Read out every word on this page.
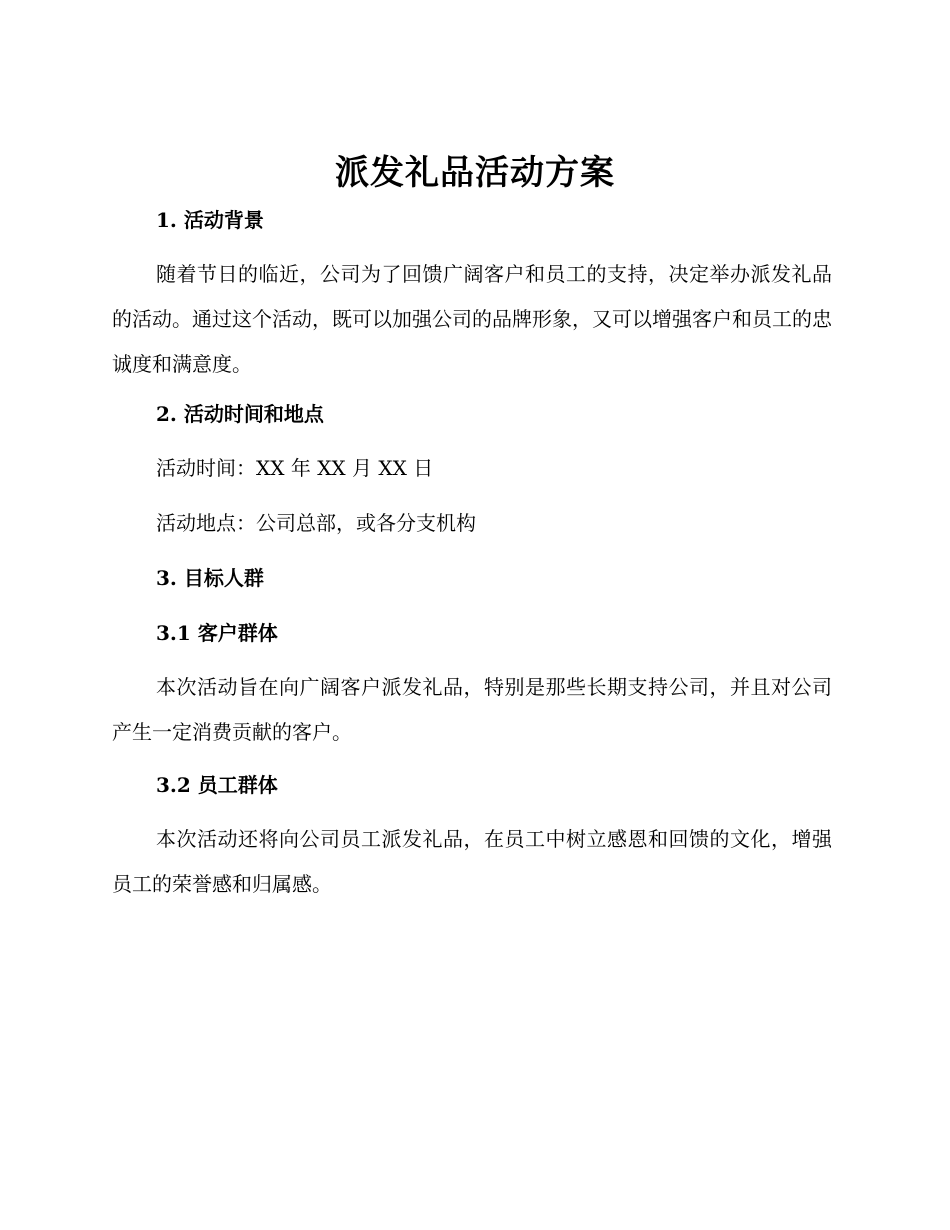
派发礼品活动方案
1. 活动背景

随着节日的临近，公司为了回馈广阔客户和员工的支持，决定举办派发礼品的活动。通过这个活动，既可以加强公司的品牌形象，又可以增强客户和员工的忠诚度和满意度。

2. 活动时间和地点

活动时间：XX 年 XX 月 XX 日

活动地点：公司总部，或各分支机构

3. 目标人群
3.1 客户群体

本次活动旨在向广阔客户派发礼品，特别是那些长期支持公司，并且对公司产生一定消费贡献的客户。

3.2 员工群体

本次活动还将向公司员工派发礼品，在员工中树立感恩和回馈的文化，增强员工的荣誉感和归属感。
